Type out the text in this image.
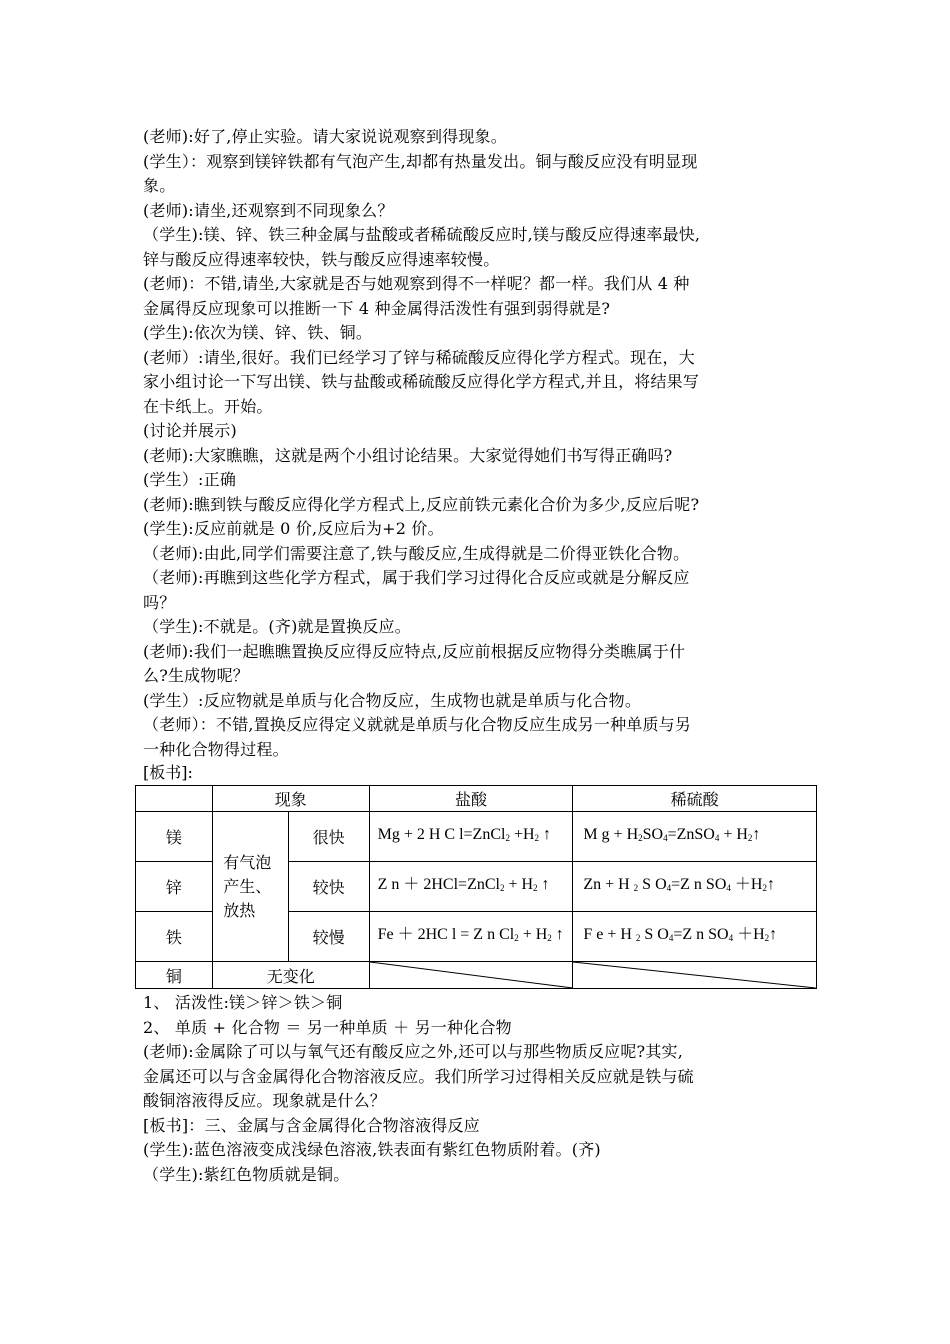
(老师):好了,停止实验。请大家说说观察到得现象。
(学生）：观察到镁锌铁都有气泡产生,却都有热量发出。铜与酸反应没有明显现
象。
(老师):请坐,还观察到不同现象么？
（学生):镁、锌、铁三种金属与盐酸或者稀硫酸反应时,镁与酸反应得速率最快,
锌与酸反应得速率较快，铁与酸反应得速率较慢。
(老师)：不错,请坐,大家就是否与她观察到得不一样呢？都一样。我们从 4 种
金属得反应现象可以推断一下 4 种金属得活泼性有强到弱得就是?
(学生):依次为镁、锌、铁、铜。
(老师）:请坐,很好。我们已经学习了锌与稀硫酸反应得化学方程式。现在，大
家小组讨论一下写出镁、铁与盐酸或稀硫酸反应得化学方程式,并且，将结果写
在卡纸上。开始。
(讨论并展示)
(老师):大家瞧瞧，这就是两个小组讨论结果。大家觉得她们书写得正确吗?
(学生）:正确
(老师):瞧到铁与酸反应得化学方程式上,反应前铁元素化合价为多少,反应后呢?
(学生):反应前就是 0 价,反应后为+2 价。
（老师):由此,同学们需要注意了,铁与酸反应,生成得就是二价得亚铁化合物。
（老师):再瞧到这些化学方程式，属于我们学习过得化合反应或就是分解反应
吗？
（学生):不就是。(齐)就是置换反应。
(老师):我们一起瞧瞧置换反应得反应特点,反应前根据反应物得分类瞧属于什
么?生成物呢？
(学生）:反应物就是单质与化合物反应，生成物也就是单质与化合物。
（老师）：不错,置换反应得定义就就是单质与化合物反应生成另一种单质与另
一种化合物得过程。
[板书]:
	现象		盐酸	稀硫酸
镁	有气泡产生、放热	很快	Mg + 2 H C l=ZnCl$_2$ $+H_2$ ↑	M $g + H_2SO_4=ZnSO_4$ + $H_2↑$
锌		较快	Z n ＋ 2HCl=ZnCl$_2$ + $H_2$ ↑	Zn + H $_2$ S $O_4=Z$ n $SO_4$ $+H_2↑$
铁		较慢	Fe ＋ 2HC l = Z n $Cl_2 + H_2$ ↑	F e + H $_2$ S $O_4=Z$ n $SO_4$ $+H_2↑$
铜	无变化	

1、 活泼性:镁＞锌＞铁＞铜
2、 单质 + 化合物 ＝ 另一种单质 ＋ 另一种化合物
(老师):金属除了可以与氧气还有酸反应之外,还可以与那些物质反应呢?其实,
金属还可以与含金属得化合物溶液反应。我们所学习过得相关反应就是铁与硫
酸铜溶液得反应。现象就是什么？
[板书]：三、金属与含金属得化合物溶液得反应
(学生):蓝色溶液变成浅绿色溶液,铁表面有紫红色物质附着。(齐)
（学生):紫红色物质就是铜。
